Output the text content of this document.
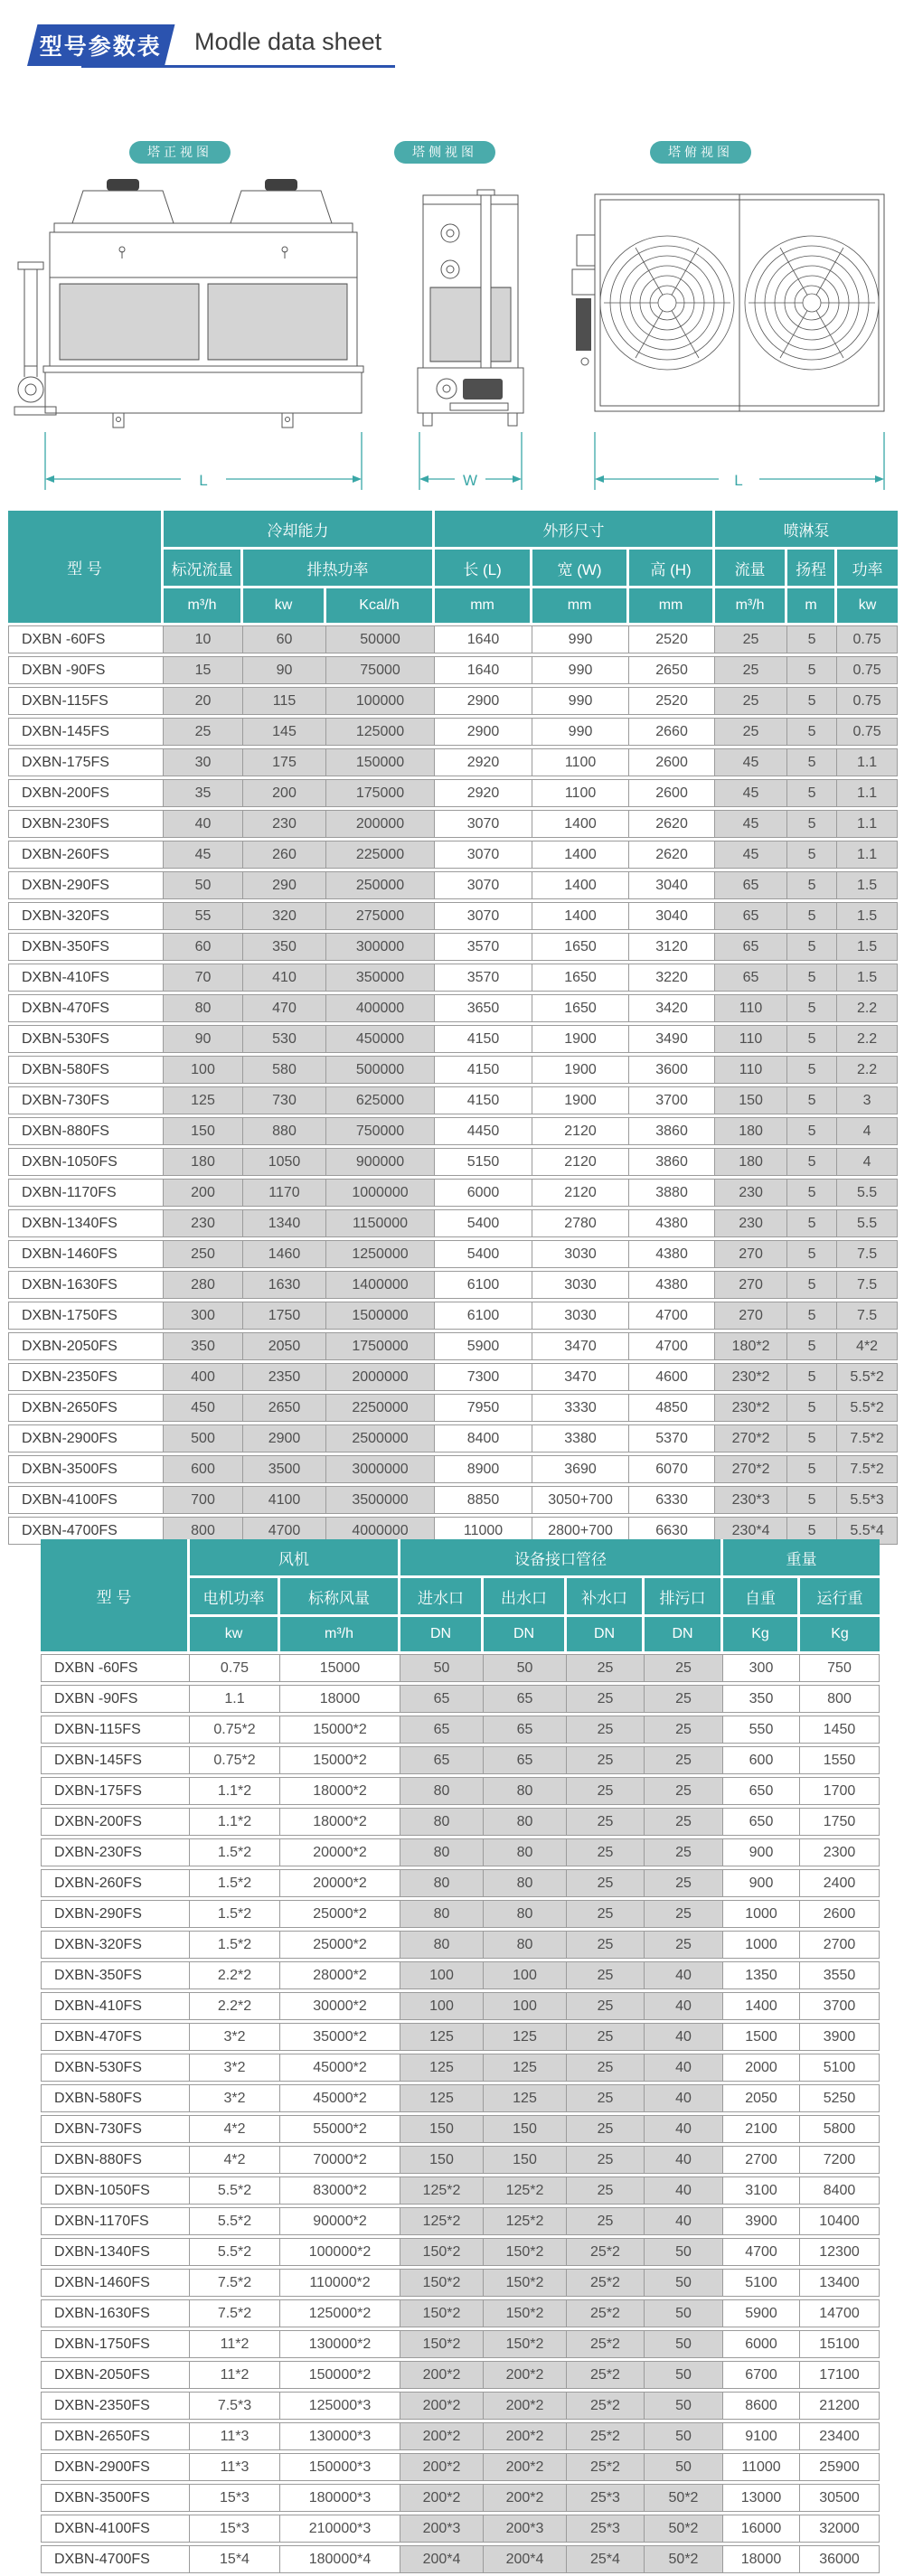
型号参数表 Modle data sheet
塔正视图	塔侧视图	塔俯视图
L	W	L
型 号	冷却能力			外形尺寸			喷淋泵		
	标况流量	排热功率		长 (L)	宽 (W)	高 (H)	流量	扬程	功率
	m³/h	kw	Kcal/h	mm	mm	mm	m³/h	m	kw
DXBN -60FS	10	60	50000	1640	990	2520	25	5	0.75
DXBN -90FS	15	90	75000	1640	990	2650	25	5	0.75
DXBN-115FS	20	115	100000	2900	990	2520	25	5	0.75
DXBN-145FS	25	145	125000	2900	990	2660	25	5	0.75
DXBN-175FS	30	175	150000	2920	1100	2600	45	5	1.1
DXBN-200FS	35	200	175000	2920	1100	2600	45	5	1.1
DXBN-230FS	40	230	200000	3070	1400	2620	45	5	1.1
DXBN-260FS	45	260	225000	3070	1400	2620	45	5	1.1
DXBN-290FS	50	290	250000	3070	1400	3040	65	5	1.5
DXBN-320FS	55	320	275000	3070	1400	3040	65	5	1.5
DXBN-350FS	60	350	300000	3570	1650	3120	65	5	1.5
DXBN-410FS	70	410	350000	3570	1650	3220	65	5	1.5
DXBN-470FS	80	470	400000	3650	1650	3420	110	5	2.2
DXBN-530FS	90	530	450000	4150	1900	3490	110	5	2.2
DXBN-580FS	100	580	500000	4150	1900	3600	110	5	2.2
DXBN-730FS	125	730	625000	4150	1900	3700	150	5	3
DXBN-880FS	150	880	750000	4450	2120	3860	180	5	4
DXBN-1050FS	180	1050	900000	5150	2120	3860	180	5	4
DXBN-1170FS	200	1170	1000000	6000	2120	3880	230	5	5.5
DXBN-1340FS	230	1340	1150000	5400	2780	4380	230	5	5.5
DXBN-1460FS	250	1460	1250000	5400	3030	4380	270	5	7.5
DXBN-1630FS	280	1630	1400000	6100	3030	4380	270	5	7.5
DXBN-1750FS	300	1750	1500000	6100	3030	4700	270	5	7.5
DXBN-2050FS	350	2050	1750000	5900	3470	4700	180*2	5	4*2
DXBN-2350FS	400	2350	2000000	7300	3470	4600	230*2	5	5.5*2
DXBN-2650FS	450	2650	2250000	7950	3330	4850	230*2	5	5.5*2
DXBN-2900FS	500	2900	2500000	8400	3380	5370	270*2	5	7.5*2
DXBN-3500FS	600	3500	3000000	8900	3690	6070	270*2	5	7.5*2
DXBN-4100FS	700	4100	3500000	8850	3050+700	6330	230*3	5	5.5*3
DXBN-4700FS	800	4700	4000000	11000	2800+700	6630	230*4	5	5.5*4
型 号	风机		设备接口管径				重量	
	电机功率	标称风量	进水口	出水口	补水口	排污口	自重	运行重
	kw	m³/h	DN	DN	DN	DN	Kg	Kg
DXBN -60FS	0.75	15000	50	50	25	25	300	750
DXBN -90FS	1.1	18000	65	65	25	25	350	800
DXBN-115FS	0.75*2	15000*2	65	65	25	25	550	1450
DXBN-145FS	0.75*2	15000*2	65	65	25	25	600	1550
DXBN-175FS	1.1*2	18000*2	80	80	25	25	650	1700
DXBN-200FS	1.1*2	18000*2	80	80	25	25	650	1750
DXBN-230FS	1.5*2	20000*2	80	80	25	25	900	2300
DXBN-260FS	1.5*2	20000*2	80	80	25	25	900	2400
DXBN-290FS	1.5*2	25000*2	80	80	25	25	1000	2600
DXBN-320FS	1.5*2	25000*2	80	80	25	25	1000	2700
DXBN-350FS	2.2*2	28000*2	100	100	25	40	1350	3550
DXBN-410FS	2.2*2	30000*2	100	100	25	40	1400	3700
DXBN-470FS	3*2	35000*2	125	125	25	40	1500	3900
DXBN-530FS	3*2	45000*2	125	125	25	40	2000	5100
DXBN-580FS	3*2	45000*2	125	125	25	40	2050	5250
DXBN-730FS	4*2	55000*2	150	150	25	40	2100	5800
DXBN-880FS	4*2	70000*2	150	150	25	40	2700	7200
DXBN-1050FS	5.5*2	83000*2	125*2	125*2	25	40	3100	8400
DXBN-1170FS	5.5*2	90000*2	125*2	125*2	25	40	3900	10400
DXBN-1340FS	5.5*2	100000*2	150*2	150*2	25*2	50	4700	12300
DXBN-1460FS	7.5*2	110000*2	150*2	150*2	25*2	50	5100	13400
DXBN-1630FS	7.5*2	125000*2	150*2	150*2	25*2	50	5900	14700
DXBN-1750FS	11*2	130000*2	150*2	150*2	25*2	50	6000	15100
DXBN-2050FS	11*2	150000*2	200*2	200*2	25*2	50	6700	17100
DXBN-2350FS	7.5*3	125000*3	200*2	200*2	25*2	50	8600	21200
DXBN-2650FS	11*3	130000*3	200*2	200*2	25*2	50	9100	23400
DXBN-2900FS	11*3	150000*3	200*2	200*2	25*2	50	11000	25900
DXBN-3500FS	15*3	180000*3	200*2	200*2	25*3	50*2	13000	30500
DXBN-4100FS	15*3	210000*3	200*3	200*3	25*3	50*2	16000	32000
DXBN-4700FS	15*4	180000*4	200*4	200*4	25*4	50*2	18000	36000
